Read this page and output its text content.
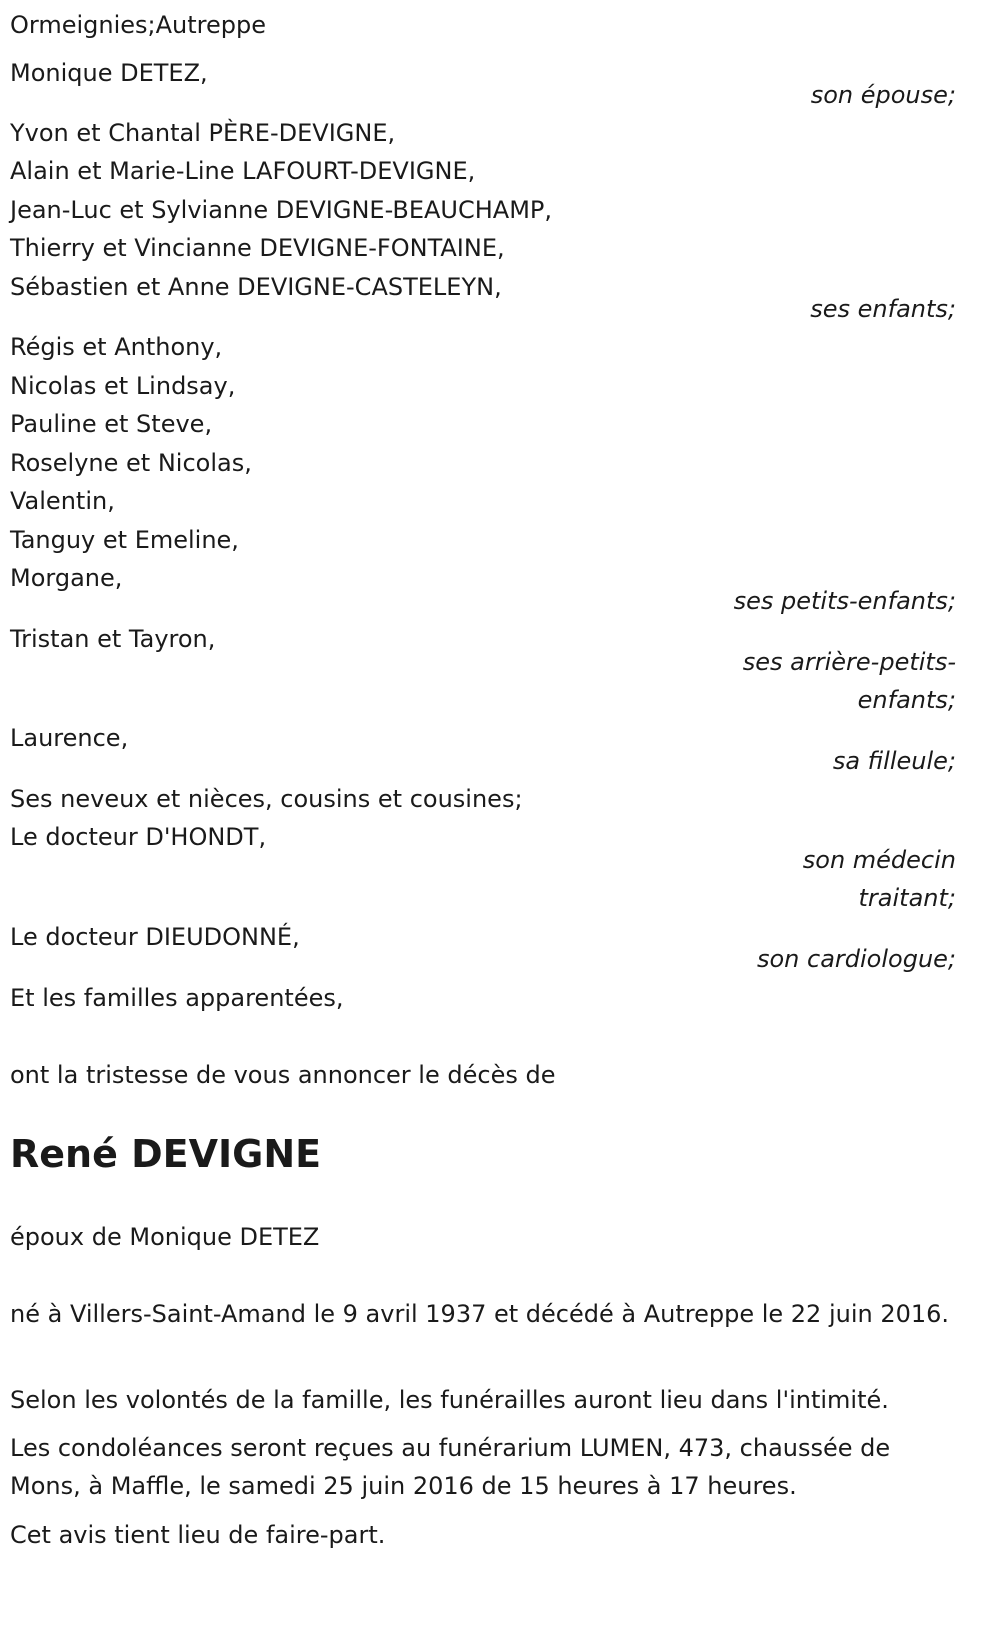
Ormeignies;Autreppe
Monique DETEZ,
son épouse;
Yvon et Chantal PÈRE-DEVIGNE,
Alain et Marie-Line LAFOURT-DEVIGNE,
Jean-Luc et Sylvianne DEVIGNE-BEAUCHAMP,
Thierry et Vincianne DEVIGNE-FONTAINE,
Sébastien et Anne DEVIGNE-CASTELEYN,
ses enfants;
Régis et Anthony,
Nicolas et Lindsay,
Pauline et Steve,
Roselyne et Nicolas,
Valentin,
Tanguy et Emeline,
Morgane,
ses petits-enfants;
Tristan et Tayron,
ses arrière-petits-
enfants;
Laurence,
sa filleule;
Ses neveux et nièces, cousins et cousines;
Le docteur D'HONDT,
son médecin
traitant;
Le docteur DIEUDONNÉ,
son cardiologue;
Et les familles apparentées,
ont la tristesse de vous annoncer le décès de
René DEVIGNE
époux de Monique DETEZ
né à Villers-Saint-Amand le 9 avril 1937 et décédé à Autreppe le 22 juin 2016.
Selon les volontés de la famille, les funérailles auront lieu dans l'intimité.
Les condoléances seront reçues au funérarium LUMEN, 473, chaussée de Mons, à Maffle, le samedi 25 juin 2016 de 15 heures à 17 heures.
Cet avis tient lieu de faire-part.
